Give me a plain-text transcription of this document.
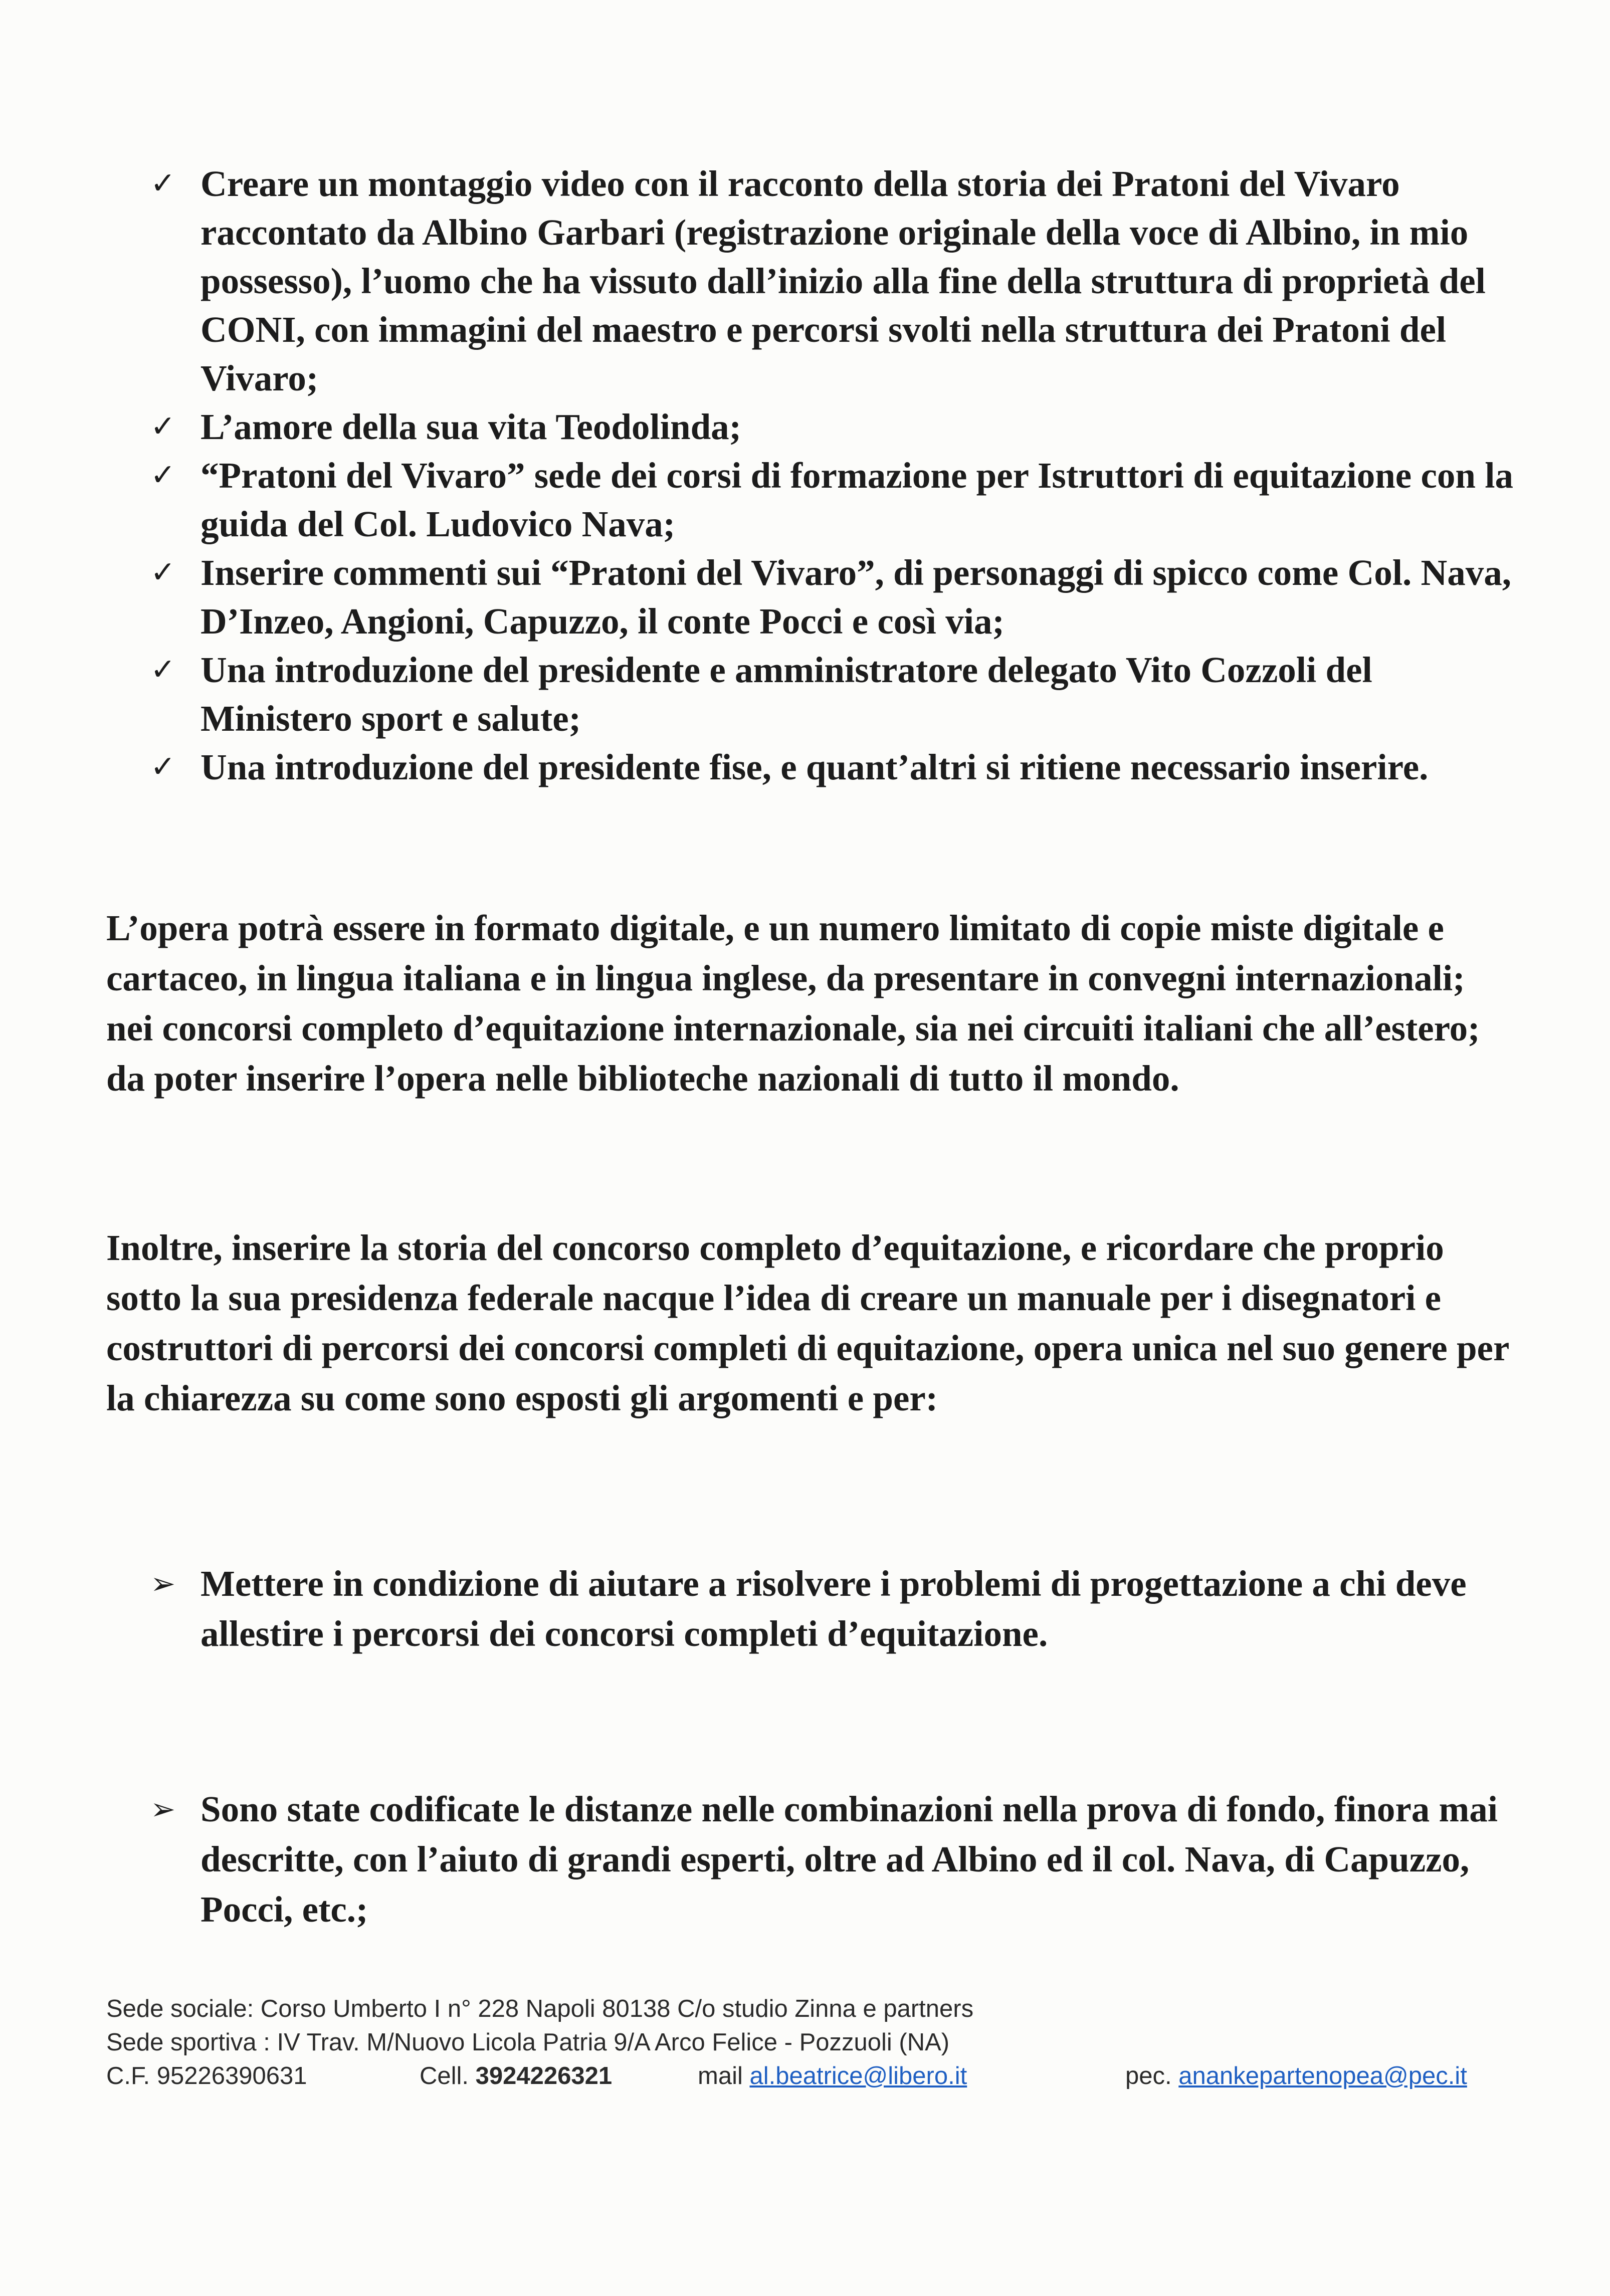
✓ Creare un montaggio video con il racconto della storia dei Pratoni del Vivaro raccontato da Albino Garbari (registrazione originale della voce di Albino, in mio possesso), l’uomo che ha vissuto dall’inizio alla fine della struttura di proprietà del CONI, con immagini del maestro e percorsi svolti nella struttura dei Pratoni del Vivaro;
✓ L’amore della sua vita Teodolinda;
✓ “Pratoni del Vivaro” sede dei corsi di formazione per Istruttori di equitazione con la guida del Col. Ludovico Nava;
✓ Inserire commenti sui “Pratoni del Vivaro”, di personaggi di spicco come Col. Nava, D’Inzeo, Angioni, Capuzzo, il conte Pocci e così via;
✓ Una introduzione del presidente e amministratore delegato Vito Cozzoli del Ministero sport e salute;
✓ Una introduzione del presidente fise, e quant’altri si ritiene necessario inserire.

L’opera potrà essere in formato digitale, e un numero limitato di copie miste digitale e cartaceo, in lingua italiana e in lingua inglese, da presentare in convegni internazionali; nei concorsi completo d’equitazione internazionale, sia nei circuiti italiani che all’estero; da poter inserire l’opera nelle biblioteche nazionali di tutto il mondo.

Inoltre, inserire la storia del concorso completo d’equitazione, e ricordare che proprio sotto la sua presidenza federale nacque l’idea di creare un manuale per i disegnatori e costruttori di percorsi dei concorsi completi di equitazione, opera unica nel suo genere per la chiarezza su come sono esposti gli argomenti e per:

➢ Mettere in condizione di aiutare a risolvere i problemi di progettazione a chi deve allestire i percorsi dei concorsi completi d’equitazione.
➢ Sono state codificate le distanze nelle combinazioni nella prova di fondo, finora mai descritte, con l’aiuto di grandi esperti, oltre ad Albino ed il col. Nava, di Capuzzo, Pocci, etc.;
Sede sociale: Corso Umberto I n° 228 Napoli 80138 C/o studio Zinna e partners
Sede sportiva : IV Trav. M/Nuovo Licola Patria 9/A Arco Felice - Pozzuoli (NA)
C.F. 95226390631	Cell. 3924226321	mail al.beatrice@libero.it	pec. anankepartenopea@pec.it
